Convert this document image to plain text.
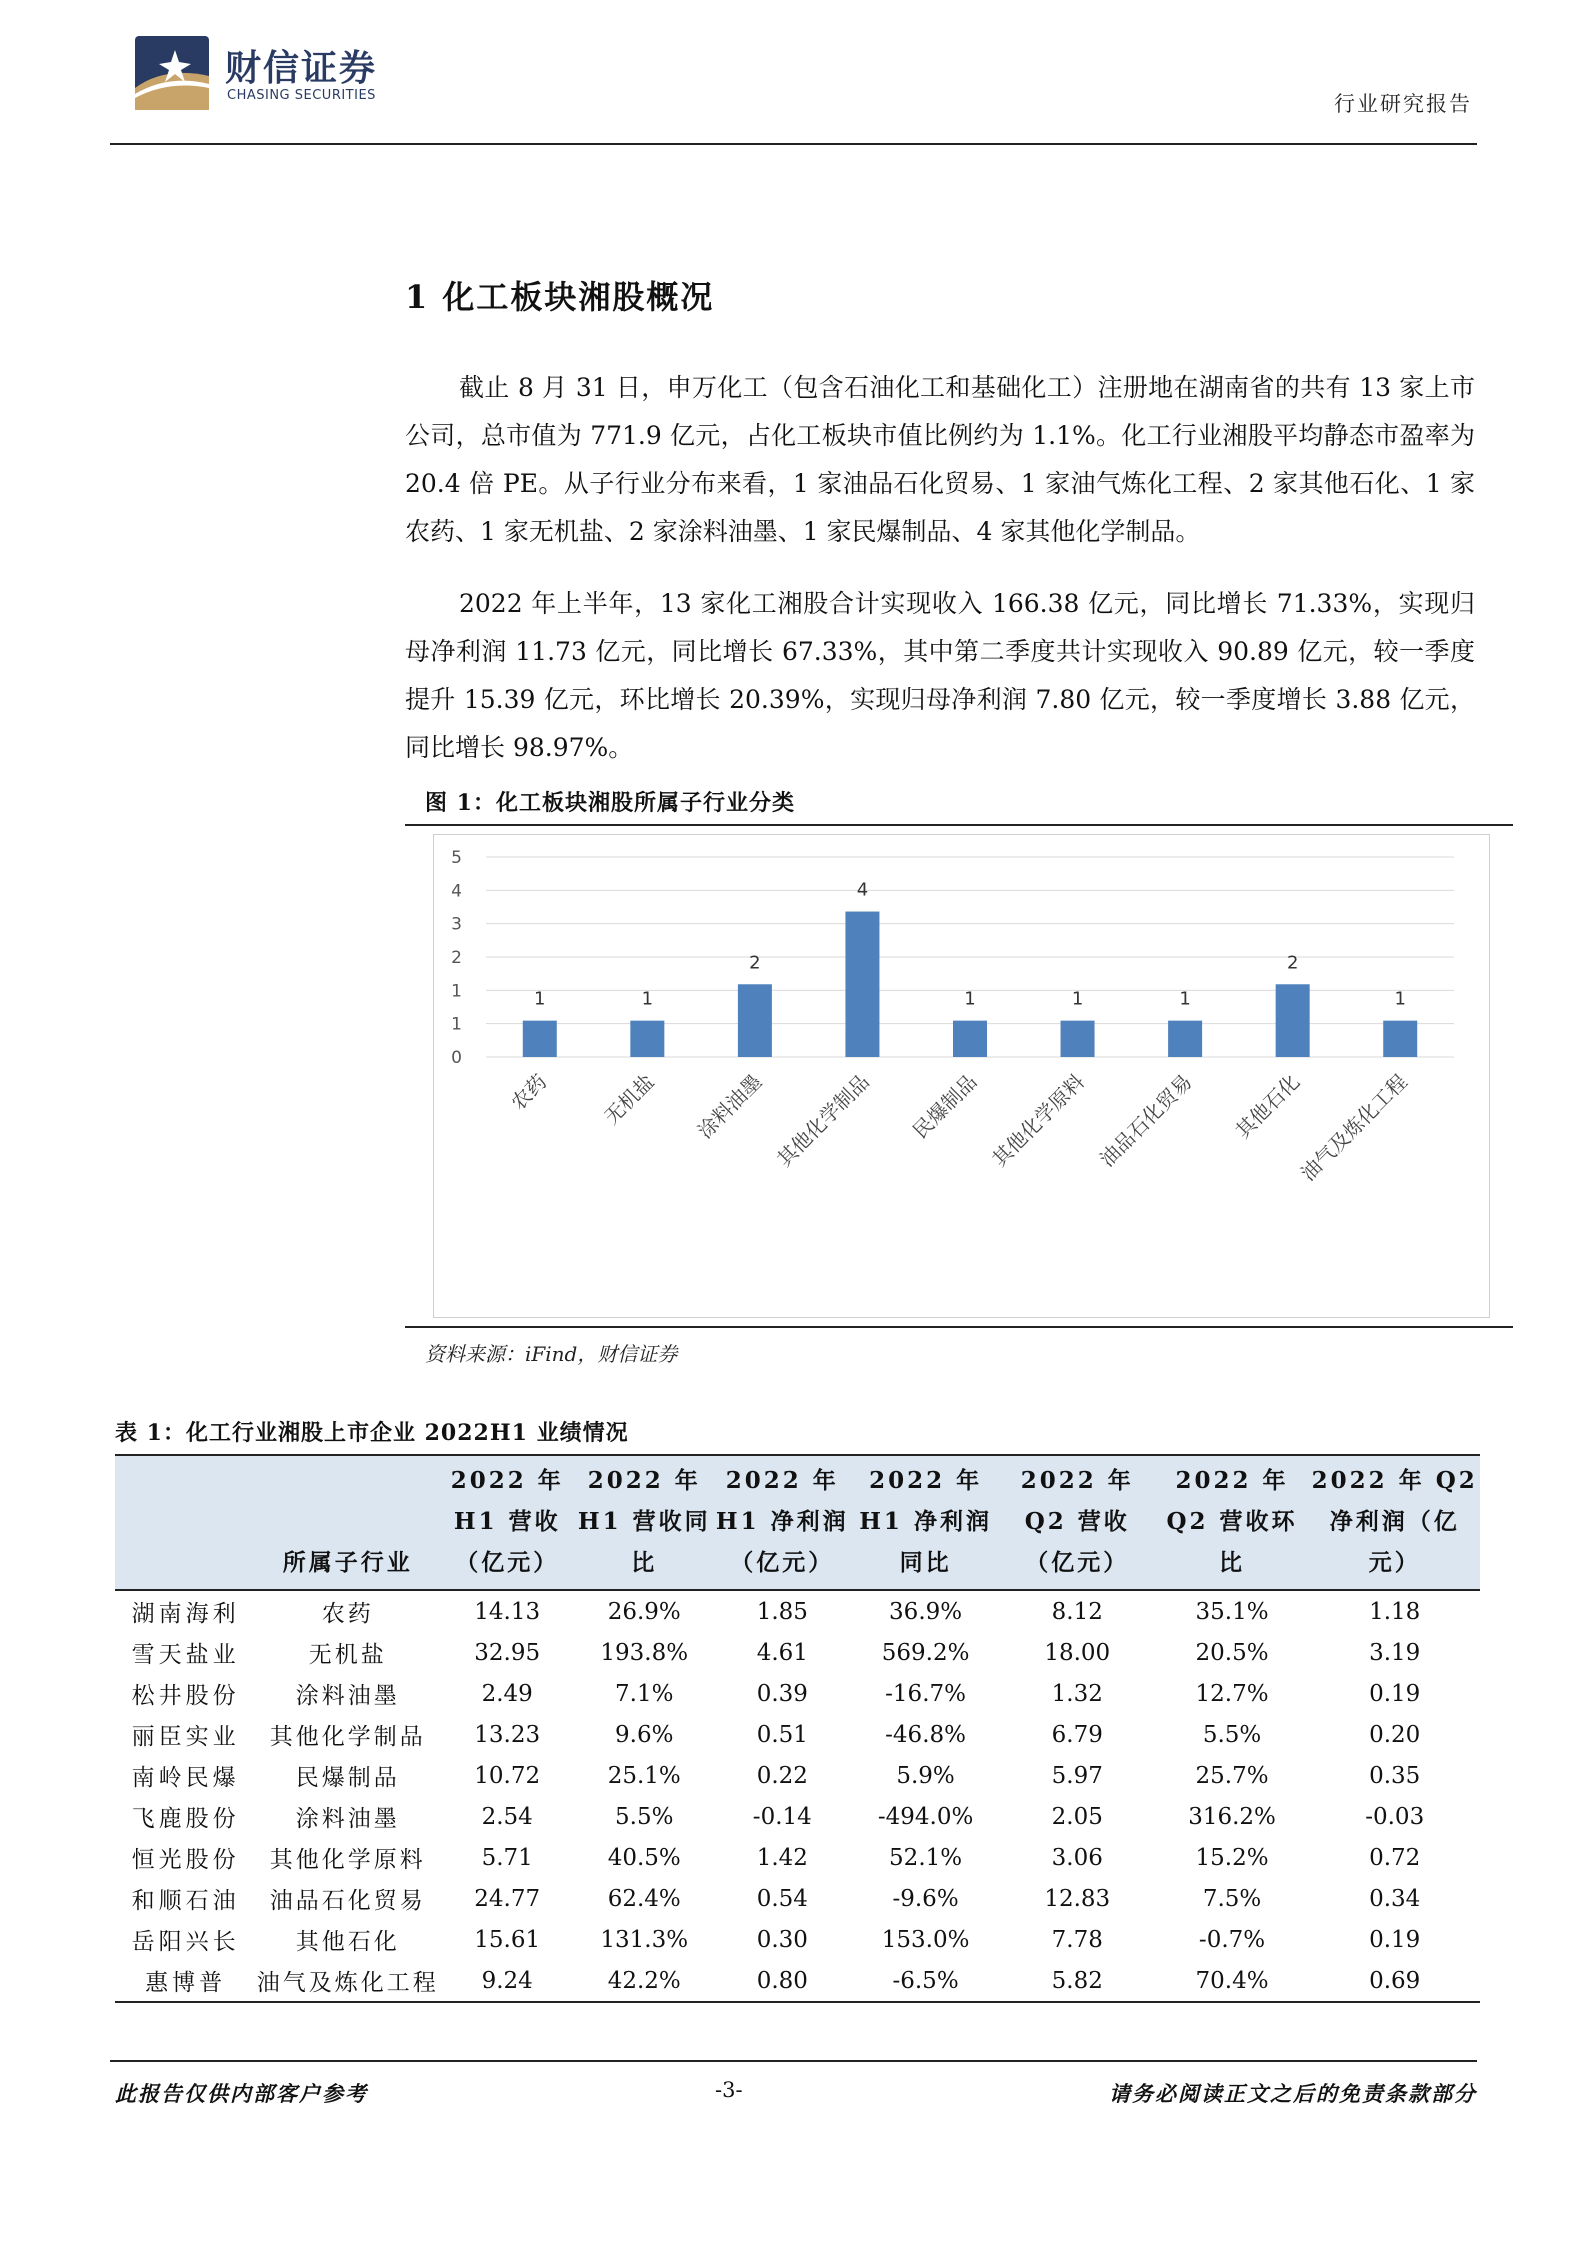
财信证券
CHASING SECURITIES	行业研究报告
1 化工板块湘股概况

截止 8 月 31 日，申万化工（包含石油化工和基础化工）注册地在湖南省的共有 13 家上市公司，总市值为 771.9 亿元，占化工板块市值比例约为 1.1%。化工行业湘股平均静态市盈率为 20.4 倍 PE。从子行业分布来看，1 家油品石化贸易、1 家油气炼化工程、2 家其他石化、1 家农药、1 家无机盐、2 家涂料油墨、1 家民爆制品、4 家其他化学制品。

2022 年上半年，13 家化工湘股合计实现收入 166.38 亿元，同比增长 71.33%，实现归母净利润 11.73 亿元，同比增长 67.33%，其中第二季度共计实现收入 90.89 亿元，较一季度提升 15.39 亿元，环比增长 20.39%，实现归母净利润 7.80 亿元，较一季度增长 3.88 亿元，同比增长 98.97%。

图 1：化工板块湘股所属子行业分类
0
1
1
2
3
4
5
1
农药
1
无机盐
2
涂料油墨
4
其他化学制品
1
民爆制品
1
其他化学原料
1
油品石化贸易
2
其他石化
1
油气及炼化工程
资料来源：iFind，财信证券
表 1：化工行业湘股上市企业 2022H1 业绩情况
	所属子行业	2022 年 H1 营收（亿元）	2022 年 H1 营收同比	2022 年 H1 净利润（亿元）	2022 年 H1 净利润同比	2022 年 Q2 营收（亿元）	2022 年 Q2 营收环比	2022 年 Q2 净利润（亿元）
湖南海利	农药	14.13	26.9%	1.85	36.9%	8.12	35.1%	1.18
雪天盐业	无机盐	32.95	193.8%	4.61	569.2%	18.00	20.5%	3.19
松井股份	涂料油墨	2.49	7.1%	0.39	-16.7%	1.32	12.7%	0.19
丽臣实业	其他化学制品	13.23	9.6%	0.51	-46.8%	6.79	5.5%	0.20
南岭民爆	民爆制品	10.72	25.1%	0.22	5.9%	5.97	25.7%	0.35
飞鹿股份	涂料油墨	2.54	5.5%	-0.14	-494.0%	2.05	316.2%	-0.03
恒光股份	其他化学原料	5.71	40.5%	1.42	52.1%	3.06	15.2%	0.72
和顺石油	油品石化贸易	24.77	62.4%	0.54	-9.6%	12.83	7.5%	0.34
岳阳兴长	其他石化	15.61	131.3%	0.30	153.0%	7.78	-0.7%	0.19
惠博普	油气及炼化工程	9.24	42.2%	0.80	-6.5%	5.82	70.4%	0.69
此报告仅供内部客户参考	-3-	请务必阅读正文之后的免责条款部分
